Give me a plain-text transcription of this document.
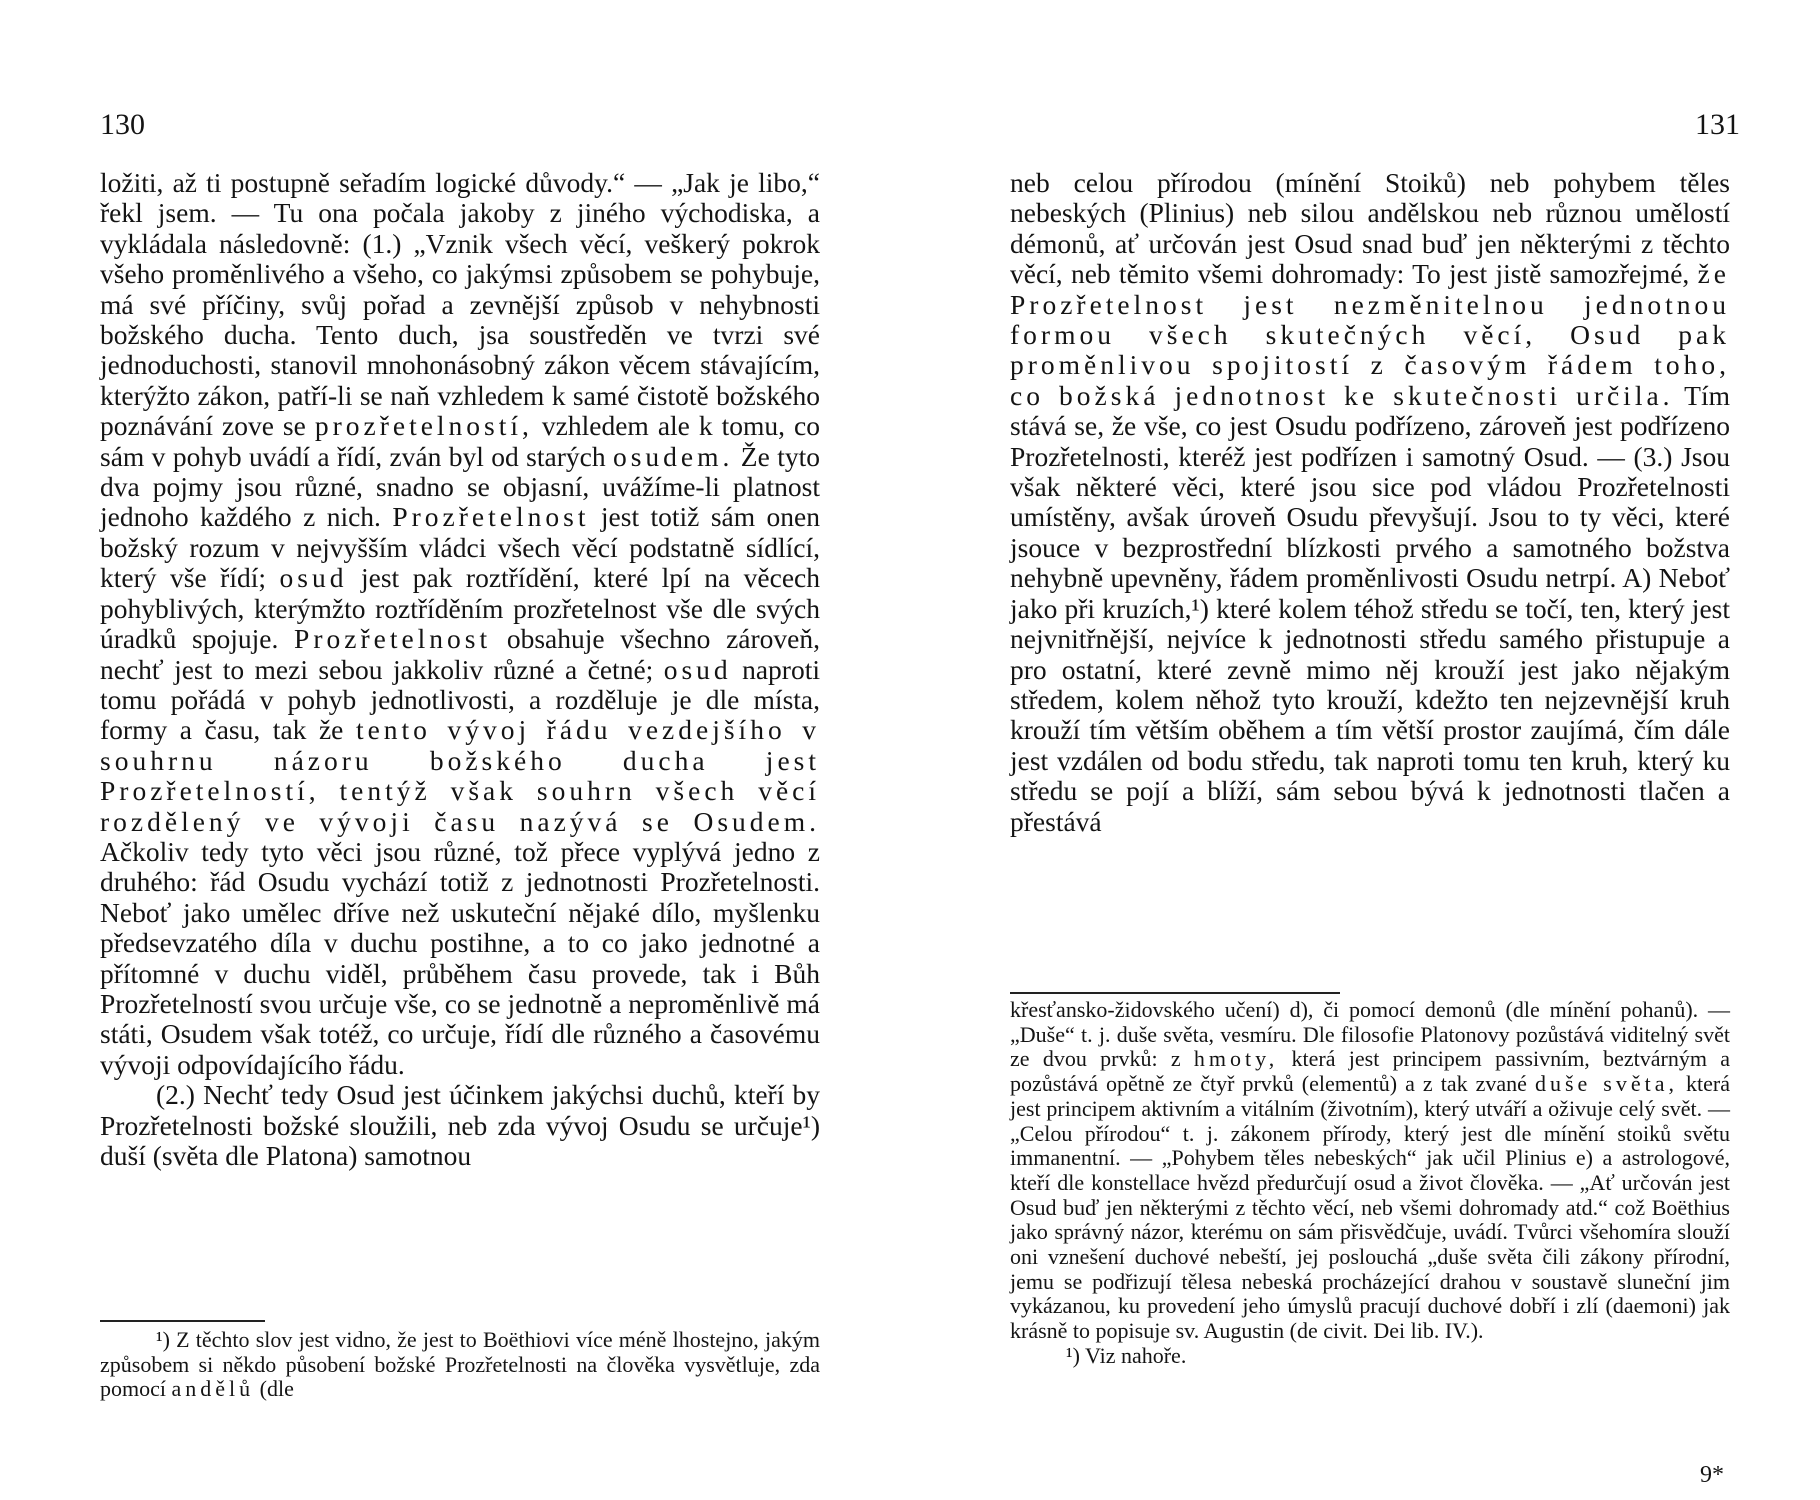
130

ložiti, až ti postupně seřadím logické důvody.“ — „Jak je libo,“ řekl jsem. — Tu ona počala jakoby z jiného východiska, a vykládala následovně: (1.) „Vznik všech věcí, veškerý pokrok všeho proměnlivého a všeho, co jakýmsi způsobem se pohybuje, má své příčiny, svůj pořad a zevnější způsob v nehybnosti božského ducha. Tento duch, jsa soustředěn ve tvrzi své jednoduchosti, stanovil mnohonásobný zákon věcem stávajícím, kterýžto zákon, patří-li se naň vzhledem k samé čistotě božského poznávání zove se prozřetelností, vzhledem ale k tomu, co sám v pohyb uvádí a řídí, zván byl od starých osudem. Že tyto dva pojmy jsou různé, snadno se objasní, uvážíme-li platnost jednoho každého z nich. Prozřetelnost jest totiž sám onen božský rozum v nejvyšším vládci všech věcí podstatně sídlící, který vše řídí; osud jest pak roztřídění, které lpí na věcech pohyblivých, kterýmžto roztříděním prozřetelnost vše dle svých úradků spojuje. Prozřetelnost obsahuje všechno zároveň, nechť jest to mezi sebou jakkoliv různé a četné; osud naproti tomu pořádá v pohyb jednotlivosti, a rozděluje je dle místa, formy a času, tak že tento vývoj řádu vezdejšího v souhrnu názoru božského ducha jest Prozřetelností, tentýž však souhrn všech věcí rozdělený ve vývoji času nazývá se Osudem. Ačkoliv tedy tyto věci jsou různé, tož přece vyplývá jedno z druhého: řád Osudu vychází totiž z jednotnosti Prozřetelnosti. Neboť jako umělec dříve než uskuteční nějaké dílo, myšlenku předsevzatého díla v duchu postihne, a to co jako jednotné a přítomné v duchu viděl, průběhem času provede, tak i Bůh Prozřetelností svou určuje vše, co se jednotně a neproměnlivě má státi, Osudem však totéž, co určuje, řídí dle různého a časovému vývoji odpovídajícího řádu.

(2.) Nechť tedy Osud jest účinkem jakýchsi duchů, kteří by Prozřetelnosti božské sloužili, neb zda vývoj Osudu se určuje¹) duší (světa dle Platona) samotnou

¹) Z těchto slov jest vidno, že jest to Boëthiovi více méně lhostejno, jakým způsobem si někdo působení božské Prozřetelnosti na člověka vysvětluje, zda pomocí andělů (dle

131

neb celou přírodou (mínění Stoiků) neb pohybem těles nebeských (Plinius) neb silou andělskou neb různou umělostí démonů, ať určován jest Osud snad buď jen některými z těchto věcí, neb těmito všemi dohromady: To jest jistě samozřejmé, že Prozřetelnost jest nezměnitelnou jednotnou formou všech skutečných věcí, Osud pak proměnlivou spojitostí z časovým řádem toho, co božská jednotnost ke skutečnosti určila. Tím stává se, že vše, co jest Osudu podřízeno, zároveň jest podřízeno Prozřetelnosti, kteréž jest podřízen i samotný Osud. — (3.) Jsou však některé věci, které jsou sice pod vládou Prozřetelnosti umístěny, avšak úroveň Osudu převyšují. Jsou to ty věci, které jsouce v bezprostřední blízkosti prvého a samotného božstva nehybně upevněny, řádem proměnlivosti Osudu netrpí. A) Neboť jako při kruzích,¹) které kolem téhož středu se točí, ten, který jest nejvnitřnější, nejvíce k jednotnosti středu samého přistupuje a pro ostatní, které zevně mimo něj krouží jest jako nějakým středem, kolem něhož tyto krouží, kdežto ten nejzevnější kruh krouží tím větším oběhem a tím větší prostor zaujímá, čím dále jest vzdálen od bodu středu, tak naproti tomu ten kruh, který ku středu se pojí a blíží, sám sebou bývá k jednotnosti tlačen a přestává

křesťansko-židovského učení) d), či pomocí demonů (dle mínění pohanů). — „Duše“ t. j. duše světa, vesmíru. Dle filosofie Platonovy pozůstává viditelný svět ze dvou prvků: z hmoty, která jest principem passivním, beztvárným a pozůstává opětně ze čtyř prvků (elementů) a z tak zvané duše světa, která jest principem aktivním a vitálním (životním), který utváří a oživuje celý svět. — „Celou přírodou“ t. j. zákonem přírody, který jest dle mínění stoiků světu immanentní. — „Pohybem těles nebeských“ jak učil Plinius e) a astrologové, kteří dle konstellace hvězd předurčují osud a život člověka. — „Ať určován jest Osud buď jen některými z těchto věcí, neb všemi dohromady atd.“ což Boëthius jako správný názor, kterému on sám přisvědčuje, uvádí. Tvůrci všehomíra slouží oni vznešení duchové nebeští, jej poslouchá „duše světa čili zákony přírodní, jemu se podřizují tělesa nebeská procházející drahou v soustavě sluneční jim vykázanou, ku provedení jeho úmyslů pracují duchové dobří i zlí (daemoni) jak krásně to popisuje sv. Augustin (de civit. Dei lib. IV.).

¹) Viz nahoře.

9*
